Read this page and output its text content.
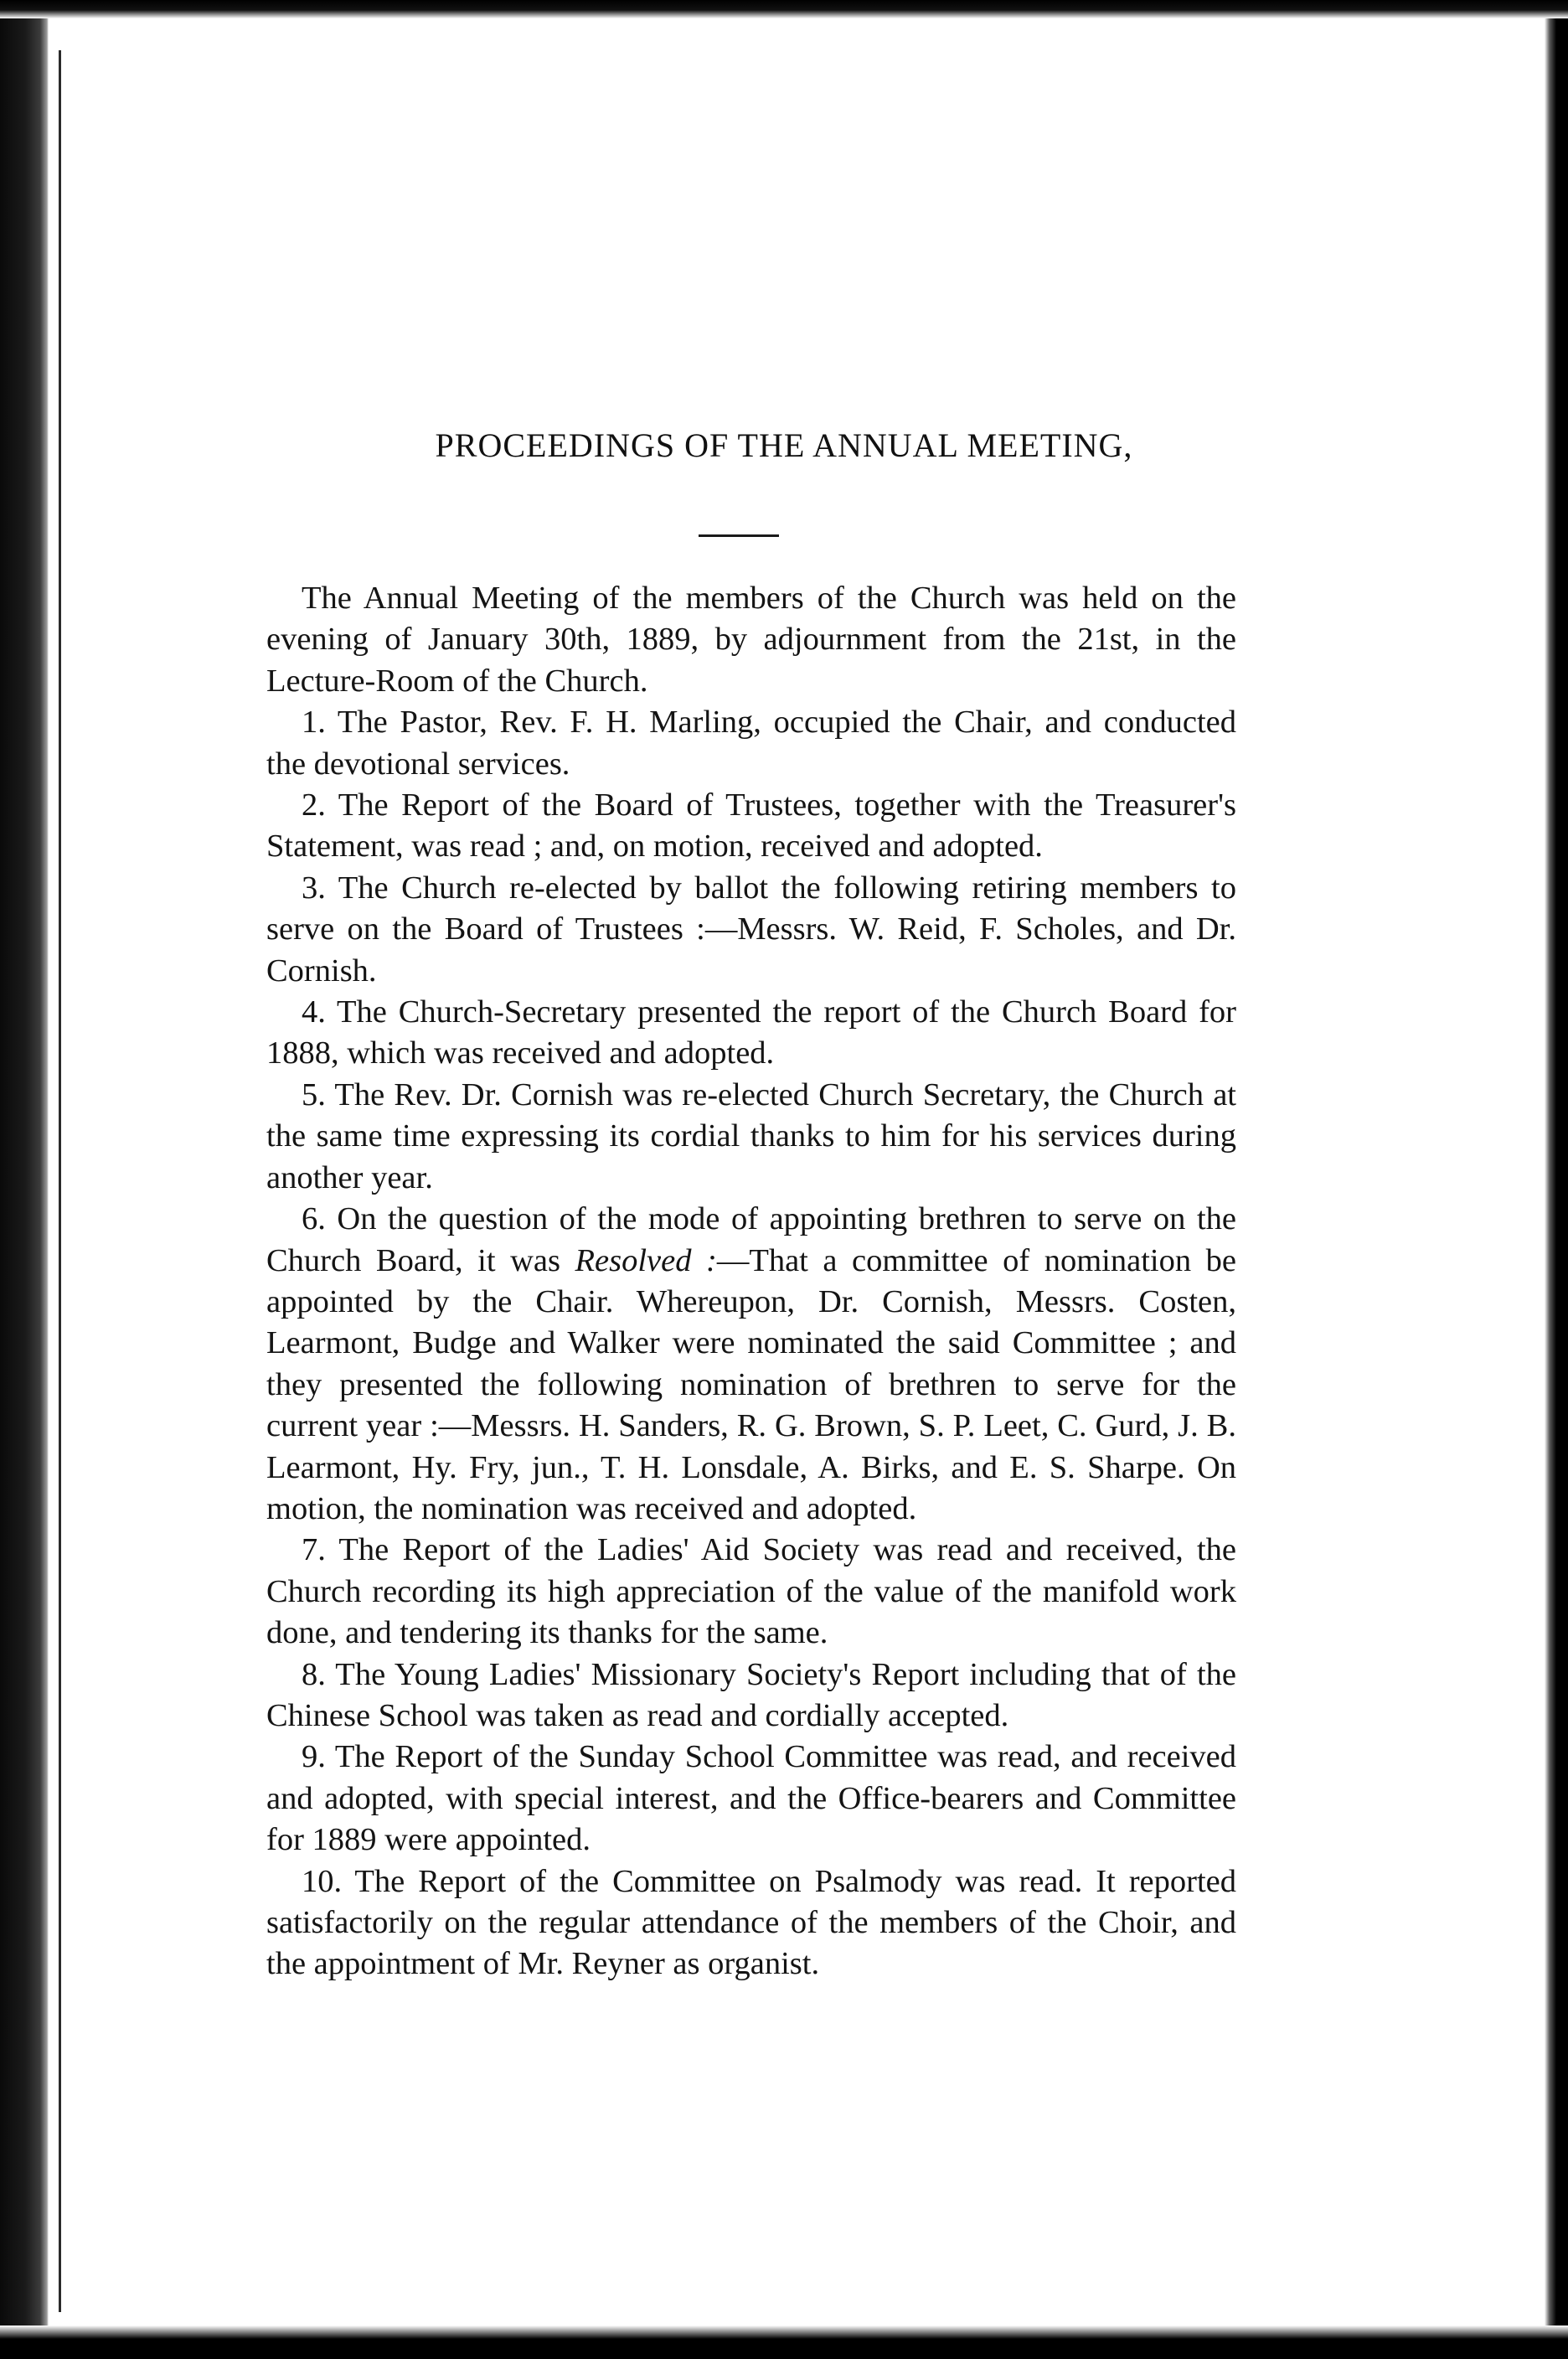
PROCEEDINGS OF THE ANNUAL MEETING,

The Annual Meeting of the members of the Church was held on the evening of January 30th, 1889, by adjournment from the 21st, in the Lecture-Room of the Church.

1. The Pastor, Rev. F. H. Marling, occupied the Chair, and conducted the devotional services.

2. The Report of the Board of Trustees, together with the Treasurer's Statement, was read ; and, on motion, received and adopted.

3. The Church re-elected by ballot the following retiring members to serve on the Board of Trustees :—Messrs. W. Reid, F. Scholes, and Dr. Cornish.

4. The Church-Secretary presented the report of the Church Board for 1888, which was received and adopted.

5. The Rev. Dr. Cornish was re-elected Church Secretary, the Church at the same time expressing its cordial thanks to him for his services during another year.

6. On the question of the mode of appointing brethren to serve on the Church Board, it was Resolved :—That a committee of nomination be appointed by the Chair. Whereupon, Dr. Cornish, Messrs. Costen, Learmont, Budge and Walker were nominated the said Committee ; and they presented the following nomination of brethren to serve for the current year :—Messrs. H. Sanders, R. G. Brown, S. P. Leet, C. Gurd, J. B. Learmont, Hy. Fry, jun., T. H. Lonsdale, A. Birks, and E. S. Sharpe. On motion, the nomination was received and adopted.

7. The Report of the Ladies' Aid Society was read and received, the Church recording its high appreciation of the value of the manifold work done, and tendering its thanks for the same.

8. The Young Ladies' Missionary Society's Report including that of the Chinese School was taken as read and cordially accepted.

9. The Report of the Sunday School Committee was read, and received and adopted, with special interest, and the Office-bearers and Committee for 1889 were appointed.

10. The Report of the Committee on Psalmody was read. It reported satisfactorily on the regular attendance of the members of the Choir, and the appointment of Mr. Reyner as organist.
